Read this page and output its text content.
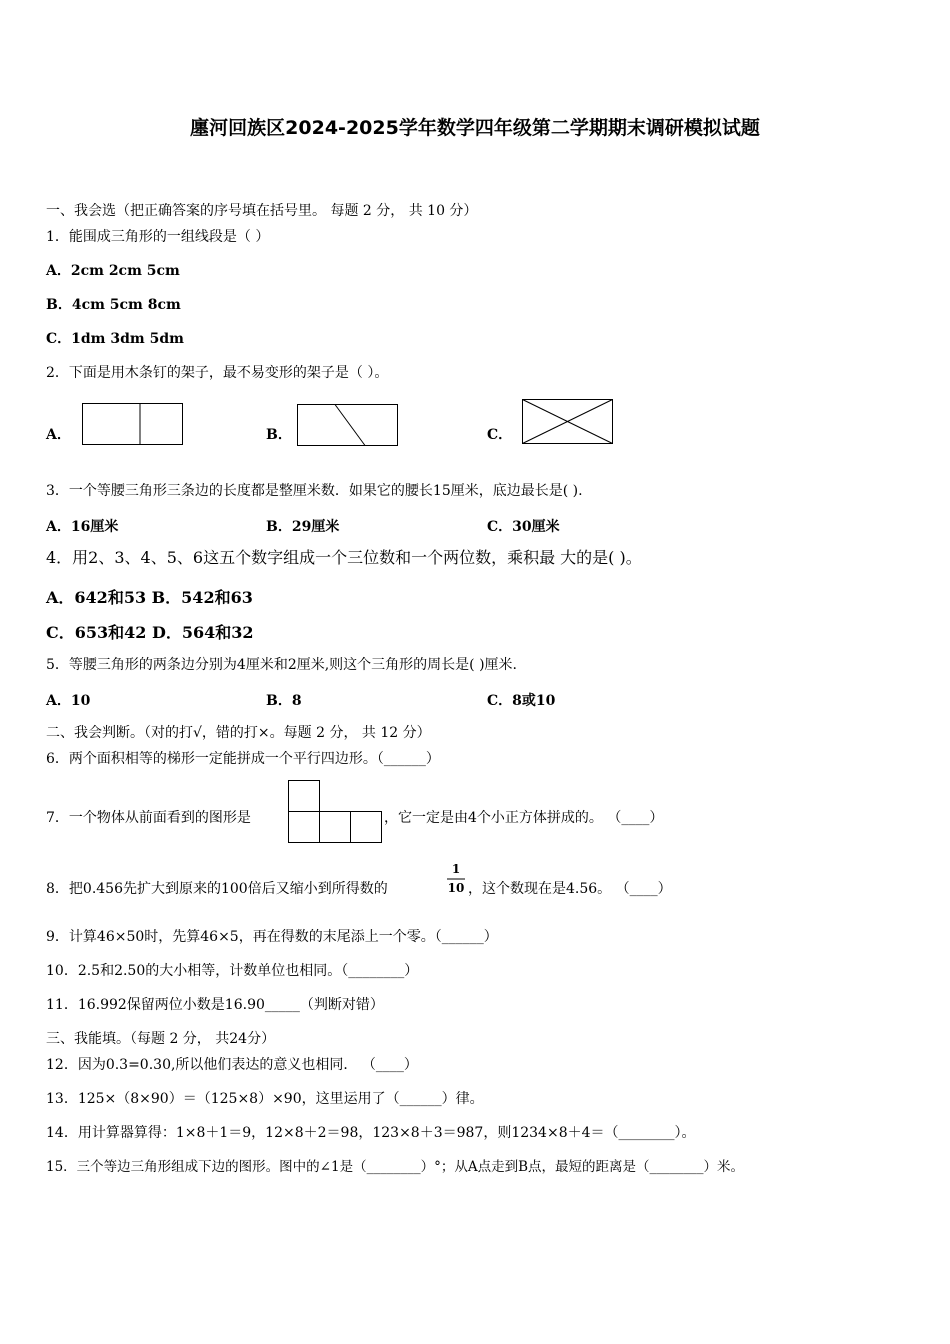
廛河回族区2024-2025学年数学四年级第二学期期末调研模拟试题
一、我会选（把正确答案的序号填在括号里。 每题 2 分， 共 10 分）
1．能围成三角形的一组线段是（ ）
A．2cm 2cm 5cm
B．4cm 5cm 8cm
C．1dm 3dm 5dm
2．下面是用木条钉的架子，最不易变形的架子是（ ）。
A．	B．	C．
3．一个等腰三角形三条边的长度都是整厘米数．如果它的腰长15厘米，底边最长是( ).
A．16厘米	B．29厘米	C．30厘米
4．用2、3、4、5、6这五个数字组成一个三位数和一个两位数，乘积最 大的是( )。
A．642和53 B．542和63
C．653和42 D．564和32
5．等腰三角形的两条边分别为4厘米和2厘米,则这个三角形的周长是( )厘米.
A．10	B．8	C．8或10
二、我会判断。（对的打√，错的打×。每题 2 分， 共 12 分）
6．两个面积相等的梯形一定能拼成一个平行四边形。（______）
7．一个物体从前面看到的图形是	，它一定是由4个小正方体拼成的。 （____）
8．把0.456先扩大到原来的100倍后又缩小到所得数的
1
10 ，这个数现在是4.56。 （____）
9．计算46×50时，先算46×5，再在得数的末尾添上一个零。（______）
10．2.5和2.50的大小相等，计数单位也相同。（________）
11．16.992保留两位小数是16.90_____（判断对错）
三、我能填。（每题 2 分， 共24分）
12．因为0.3=0.30,所以他们表达的意义也相同． （____）
13．125×（8×90）＝（125×8）×90，这里运用了（______）律。
14．用计算器算得：1×8＋1＝9，12×8＋2＝98，123×8＋3＝987，则1234×8＋4＝（________）。
15．三个等边三角形组成下边的图形。图中的∠1是（________）°；从A点走到B点，最短的距离是（________）米。
